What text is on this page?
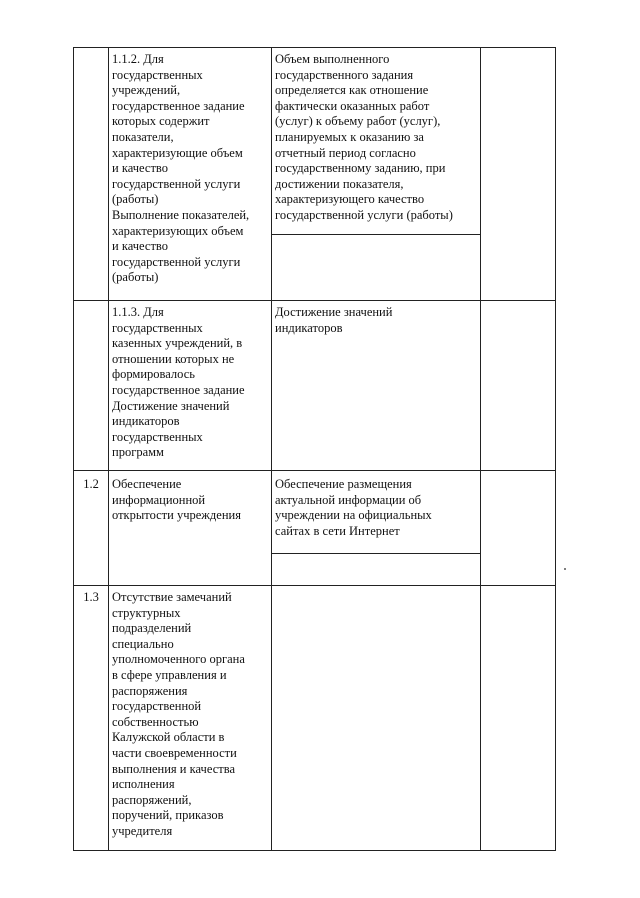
1.1.2. Для
государственных
учреждений,
государственное задание
которых содержит
показатели,
характеризующие объем
и качество
государственной услуги
(работы)
Выполнение показателей,
характеризующих объем
и качество
государственной услуги
(работы)
Объем выполненного
государственного задания
определяется как отношение
фактически оказанных работ
(услуг) к объему работ (услуг),
планируемых к оказанию за
отчетный период согласно
государственному заданию, при
достижении показателя,
характеризующего качество
государственной услуги (работы)
1.1.3. Для
государственных
казенных учреждений, в
отношении которых не
формировалось
государственное задание
Достижение значений
индикаторов
государственных
программ
Достижение значений
индикаторов
1.2	Обеспечение
информационной
открытости учреждения
Обеспечение размещения
актуальной информации об
учреждении на официальных
сайтах в сети Интернет
1.3	Отсутствие замечаний
структурных
подразделений
специально
уполномоченного органа
в сфере управления и
распоряжения
государственной
собственностью
Калужской области в
части своевременности
выполнения и качества
исполнения
распоряжений,
поручений, приказов
учредителя
